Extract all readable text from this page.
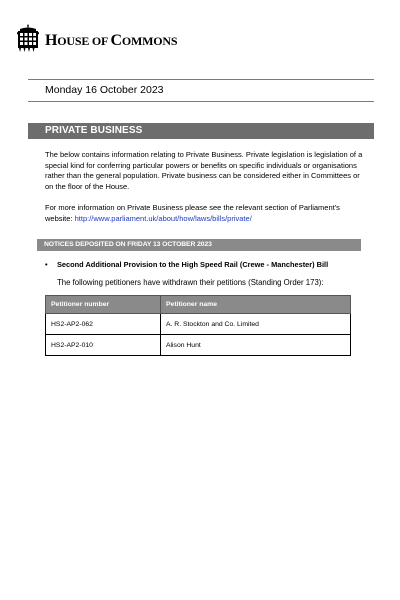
HOUSE OF COMMONS
Monday 16 October 2023
PRIVATE BUSINESS
The below contains information relating to Private Business. Private legislation is legislation of a special kind for conferring particular powers or benefits on specific individuals or organisations rather than the general population. Private business can be considered either in Committees or on the floor of the House.
For more information on Private Business please see the relevant section of Parliament's website: http://www.parliament.uk/about/how/laws/bills/private/
NOTICES DEPOSITED ON FRIDAY 13 OCTOBER 2023
• Second Additional Provision to the High Speed Rail (Crewe - Manchester) Bill
The following petitioners have withdrawn their petitions (Standing Order 173):
Petitioner number	Petitioner name
HS2-AP2-062	A. R. Stockton and Co. Limited
HS2-AP2-010	Alison Hunt
